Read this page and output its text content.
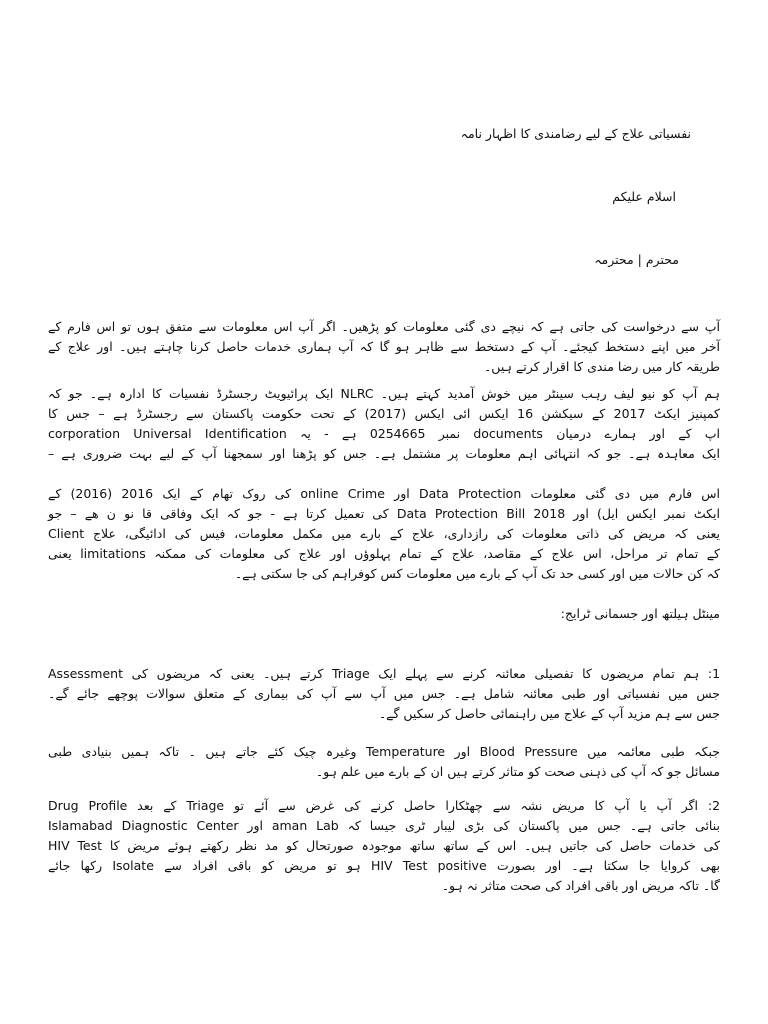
نفسیاتی علاج کے لیے رضامندی کا اظہار نامہ
اسلام علیکم
محترم | محترمہ
آپ سے درخواست کی جاتی ہے کہ نیچے دی گئی معلومات کو پڑھیں۔ اگر آپ اس معلومات سے متفق ہوں تو اس فارم کے
آخر میں اپنے دستخط کیجئے۔ آپ کے دستخط سے ظاہر ہو گا کہ آپ ہماری خدمات حاصل کرنا چاہتے ہیں۔ اور علاج کے
طریقہ کار میں رضا مندی کا اقرار کرتے ہیں۔
ہم آپ کو نیو لیف رہب سینٹر میں خوش آمدید کہتے ہیں۔ NLRC ایک پرائیویٹ رجسٹرڈ نفسیات کا ادارہ ہے۔ جو کہ
کمپنیز ایکٹ 2017 کے سیکشن 16 ایکس ائی ایکس (2017) کے تحت حکومت پاکستان سے رجسٹرڈ ہے – جس کا
corporation Universal Identification نمبر 0254665 ہے - یہ documents اپ کے اور ہمارے درمیان
ایک معاہدہ ہے۔ جو کہ انتہائی اہم معلومات پر مشتمل ہے۔ جس کو پڑھنا اور سمجھنا آپ کے لیے بہت ضروری ہے –
اس فارم میں دی گئی معلومات Data Protection اور online Crime کی روک تھام کے ایک 2016 (2016) کے
ایکٹ نمبر ایکس ایل) اور Data Protection Bill 2018 کی تعمیل کرتا ہے - جو کہ ایک وفاقی قا نو ن ھے – جو
Client یعنی کہ مریض کی ذاتی معلومات کی رازداری، علاج کے بارے میں مکمل معلومات، فیس کی ادائیگی، علاج
کے تمام تر مراحل، اس علاج کے مقاصد، علاج کے تمام پہلوؤں اور علاج کی معلومات کی ممکنہ limitations یعنی
کہ کن حالات میں اور کسی حد تک آپ کے بارے میں معلومات کس کوفراہم کی جا سکتی ہے۔
مینٹل ہیلتھ اور جسمانی ٹرایج:
1: ہم تمام مریضوں کا تفصیلی معائنہ کرنے سے پہلے ایک Triage کرتے ہیں۔ یعنی کہ مریضوں کی Assessment
جس میں نفسیاتی اور طبی معائنہ شامل ہے۔ جس میں آپ سے آپ کی بیماری کے متعلق سوالات پوچھے جائے گے۔
جس سے ہم مزید آپ کے علاج میں راہنمائی حاصل کر سکیں گے۔
جبکہ طبی معائمہ میں Blood Pressure اور Temperature وغیرہ چیک کئے جاتے ہیں ۔ تاکہ ہمیں بنیادی طبی
مسائل جو کہ آپ کی ذہنی صحت کو متاثر کرتے ہیں ان کے بارے میں علم ہو۔
2: اگر آپ یا آپ کا مریض نشہ سے چھٹکارا حاصل کرنے کی غرض سے آئے تو Triage کے بعد Drug Profile
بنائی جاتی ہے۔ جس میں پاکستان کی بڑی لیبار ٹری جیسا کہ aman Lab اور Islamabad Diagnostic Center
کی خدمات حاصل کی جاتیں ہیں۔ اس کے ساتھ ساتھ موجودہ صورتحال کو مد نظر رکھتے ہوئے مریض کا HIV Test
بھی کروایا جا سکتا ہے۔ اور بصورت HIV Test positive ہو تو مریض کو باقی افراد سے Isolate رکھا جائے
گا۔ تاکہ مریض اور باقی افراد کی صحت متاثر نہ ہو۔
